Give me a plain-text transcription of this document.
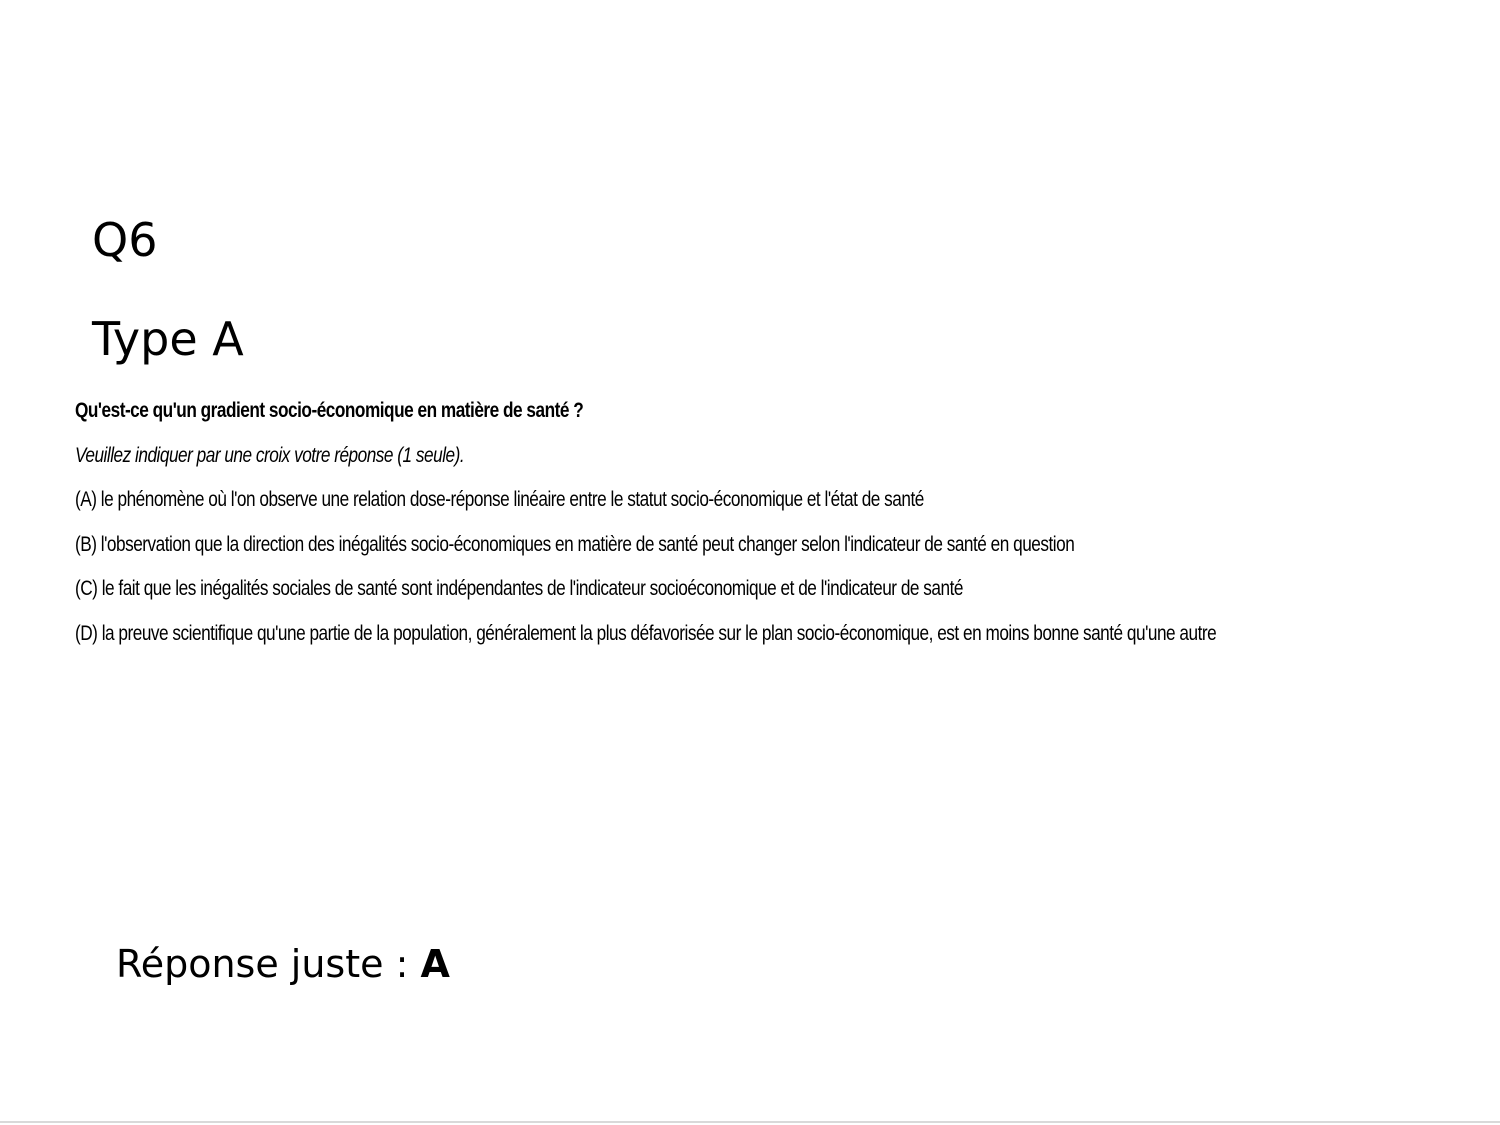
Q6
Type A
Qu'est-ce qu'un gradient socio-économique en matière de santé ?
Veuillez indiquer par une croix votre réponse (1 seule).
(A) le phénomène où l'on observe une relation dose-réponse linéaire entre le statut socio-économique et l'état de santé
(B) l'observation que la direction des inégalités socio-économiques en matière de santé peut changer selon l'indicateur de santé en question
(C) le fait que les inégalités sociales de santé sont indépendantes de l'indicateur socioéconomique et de l'indicateur de santé
(D) la preuve scientifique qu'une partie de la population, généralement la plus défavorisée sur le plan socio-économique, est en moins bonne santé qu'une autre
Réponse juste : A
